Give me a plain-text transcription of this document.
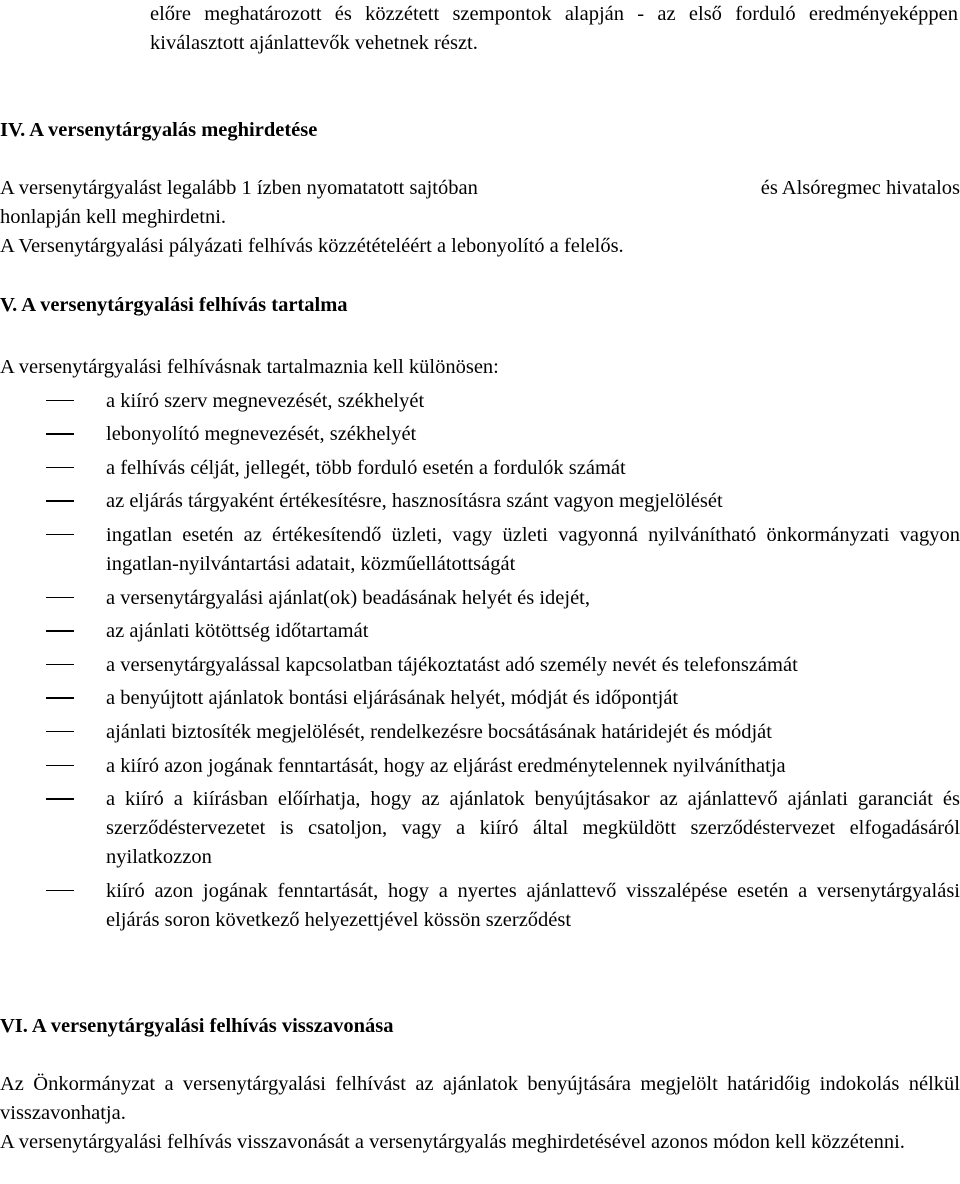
előre meghatározott és közzétett szempontok alapján - az első forduló eredményeképpen kiválasztott ajánlattevők vehetnek részt.

IV. A versenytárgyalás meghirdetése
A versenytárgyalást legalább 1 ízben nyomatatott sajtóban	és Alsóregmec hivatalos

honlapján kell meghirdetni.

A Versenytárgyalási pályázati felhívás közzétételéért a lebonyolító a felelős.

V. A versenytárgyalási felhívás tartalma

A versenytárgyalási felhívásnak tartalmaznia kell különösen:

a kiíró szerv megnevezését, székhelyét
lebonyolító megnevezését, székhelyét
a felhívás célját, jellegét, több forduló esetén a fordulók számát
az eljárás tárgyaként értékesítésre, hasznosításra szánt vagyon megjelölését
ingatlan esetén az értékesítendő üzleti, vagy üzleti vagyonná nyilvánítható önkormányzati vagyon ingatlan-nyilvántartási adatait, közműellátottságát
a versenytárgyalási ajánlat(ok) beadásának helyét és idejét,
az ajánlati kötöttség időtartamát
a versenytárgyalással kapcsolatban tájékoztatást adó személy nevét és telefonszámát
a benyújtott ajánlatok bontási eljárásának helyét, módját és időpontját
ajánlati biztosíték megjelölését, rendelkezésre bocsátásának határidejét és módját
a kiíró azon jogának fenntartását, hogy az eljárást eredménytelennek nyilváníthatja
a kiíró a kiírásban előírhatja, hogy az ajánlatok benyújtásakor az ajánlattevő ajánlati garanciát és szerződéstervezetet is csatoljon, vagy a kiíró által megküldött szerződéstervezet elfogadásáról nyilatkozzon
kiíró azon jogának fenntartását, hogy a nyertes ajánlattevő visszalépése esetén a versenytárgyalási eljárás soron következő helyezettjével kössön szerződést
VI. A versenytárgyalási felhívás visszavonása

Az Önkormányzat a versenytárgyalási felhívást az ajánlatok benyújtására megjelölt határidőig indokolás nélkül visszavonhatja.

A versenytárgyalási felhívás visszavonását a versenytárgyalás meghirdetésével azonos módon kell közzétenni.
